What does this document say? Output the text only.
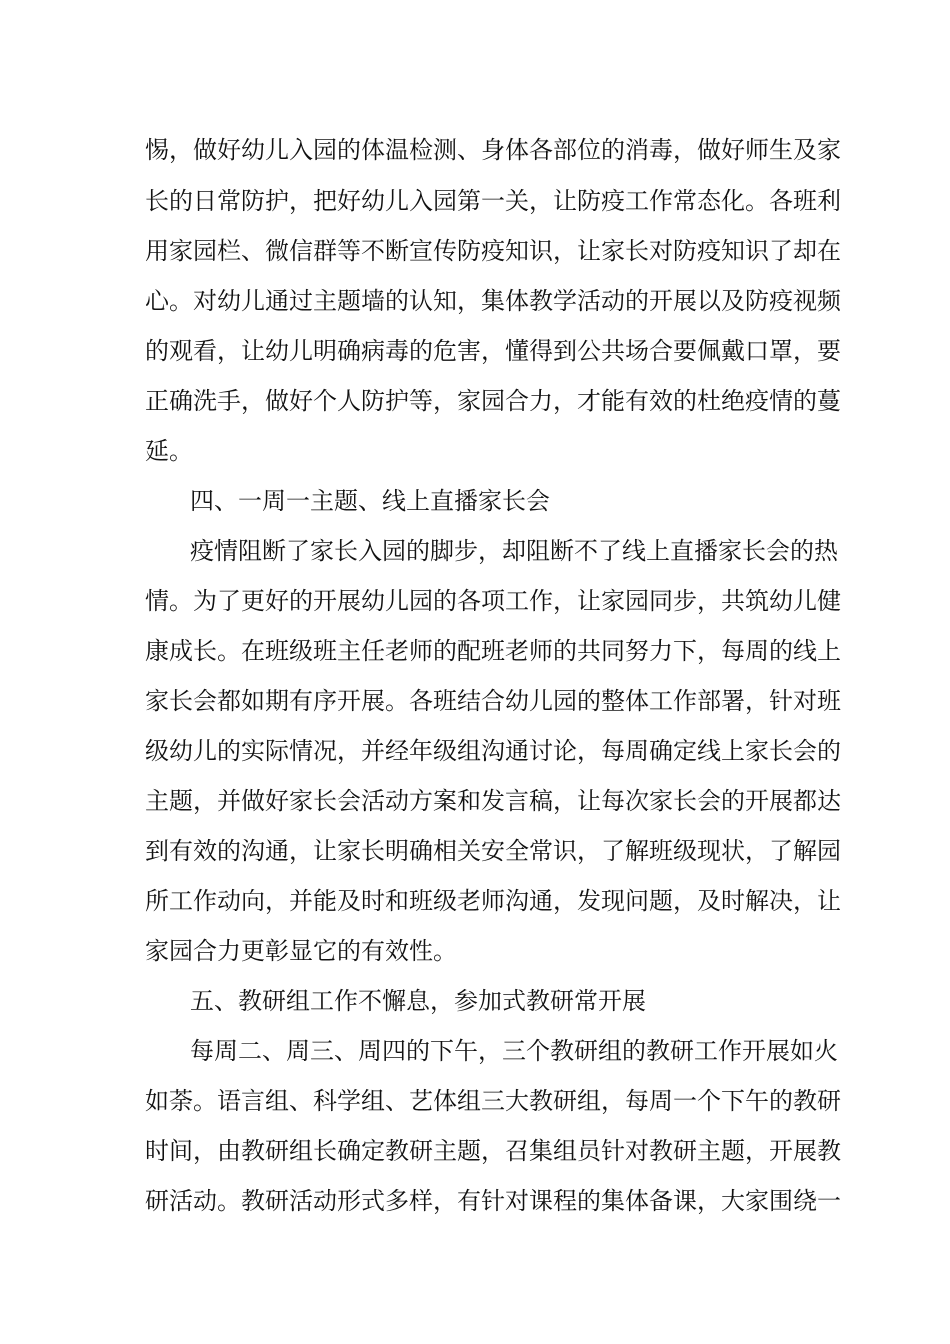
惕，做好幼儿入园的体温检测、身体各部位的消毒，做好师生及家

长的日常防护，把好幼儿入园第一关，让防疫工作常态化。各班利

用家园栏、微信群等不断宣传防疫知识，让家长对防疫知识了却在

心。对幼儿通过主题墙的认知，集体教学活动的开展以及防疫视频

的观看，让幼儿明确病毒的危害，懂得到公共场合要佩戴口罩，要

正确洗手，做好个人防护等，家园合力，才能有效的杜绝疫情的蔓

延。

四、一周一主题、线上直播家长会

疫情阻断了家长入园的脚步，却阻断不了线上直播家长会的热

情。为了更好的开展幼儿园的各项工作，让家园同步，共筑幼儿健

康成长。在班级班主任老师的配班老师的共同努力下，每周的线上

家长会都如期有序开展。各班结合幼儿园的整体工作部署，针对班

级幼儿的实际情况，并经年级组沟通讨论，每周确定线上家长会的

主题，并做好家长会活动方案和发言稿，让每次家长会的开展都达

到有效的沟通，让家长明确相关安全常识，了解班级现状，了解园

所工作动向，并能及时和班级老师沟通，发现问题，及时解决，让

家园合力更彰显它的有效性。

五、教研组工作不懈息，参加式教研常开展

每周二、周三、周四的下午，三个教研组的教研工作开展如火

如荼。语言组、科学组、艺体组三大教研组，每周一个下午的教研

时间，由教研组长确定教研主题，召集组员针对教研主题，开展教

研活动。教研活动形式多样，有针对课程的集体备课，大家围绕一
